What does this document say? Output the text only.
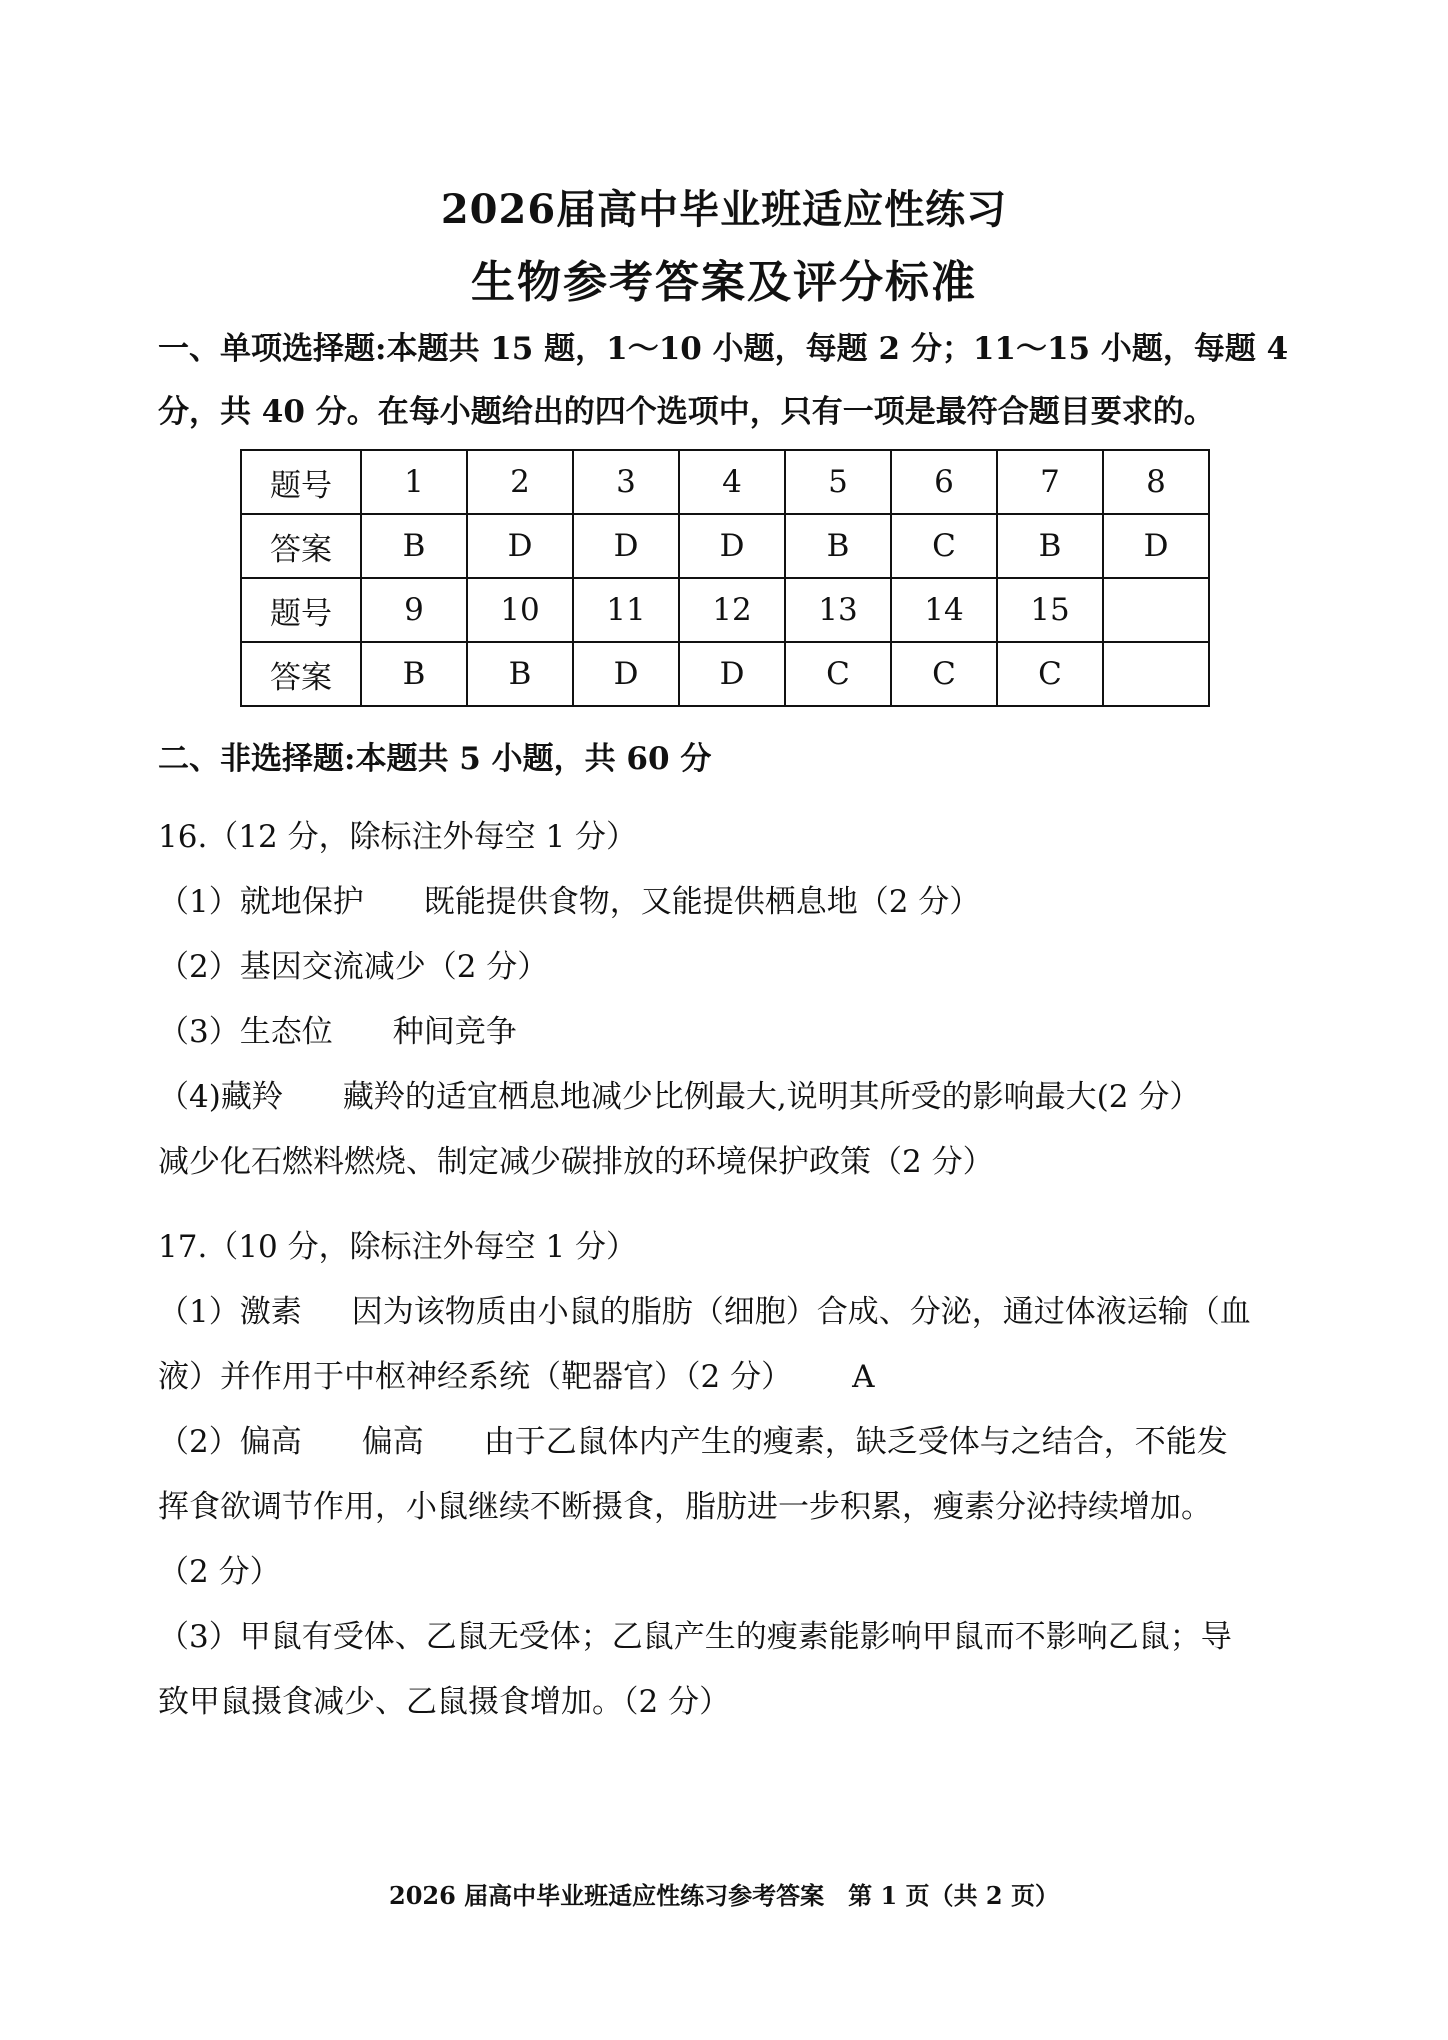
2026届高中毕业班适应性练习
生物参考答案及评分标准
一、单项选择题:本题共 15 题，1～10 小题，每题 2 分；11～15 小题，每题 4
分，共 40 分。在每小题给出的四个选项中，只有一项是最符合题目要求的。
题号	1	2	3	4	5	6	7	8
答案	B	D	D	D	B	C	B	D
题号	9	10	11	12	13	14	15	
答案	B	B	D	D	C	C	C	
二、非选择题:本题共 5 小题，共 60 分
16.（12 分，除标注外每空 1 分）
（1）就地保护 既能提供食物，又能提供栖息地（2 分）
（2）基因交流减少（2 分）
（3）生态位 种间竞争
（4)藏羚 藏羚的适宜栖息地减少比例最大,说明其所受的影响最大(2 分）
减少化石燃料燃烧、制定减少碳排放的环境保护政策（2 分）
17.（10 分，除标注外每空 1 分）
（1）激素 因为该物质由小鼠的脂肪（细胞）合成、分泌，通过体液运输（血
液）并作用于中枢神经系统（靶器官）（2 分） A
（2）偏高 偏高 由于乙鼠体内产生的瘦素，缺乏受体与之结合，不能发
挥食欲调节作用，小鼠继续不断摄食，脂肪进一步积累，瘦素分泌持续增加。
（2 分）
（3）甲鼠有受体、乙鼠无受体；乙鼠产生的瘦素能影响甲鼠而不影响乙鼠；导
致甲鼠摄食减少、乙鼠摄食增加。（2 分）
2026 届高中毕业班适应性练习参考答案　第 1 页（共 2 页）
